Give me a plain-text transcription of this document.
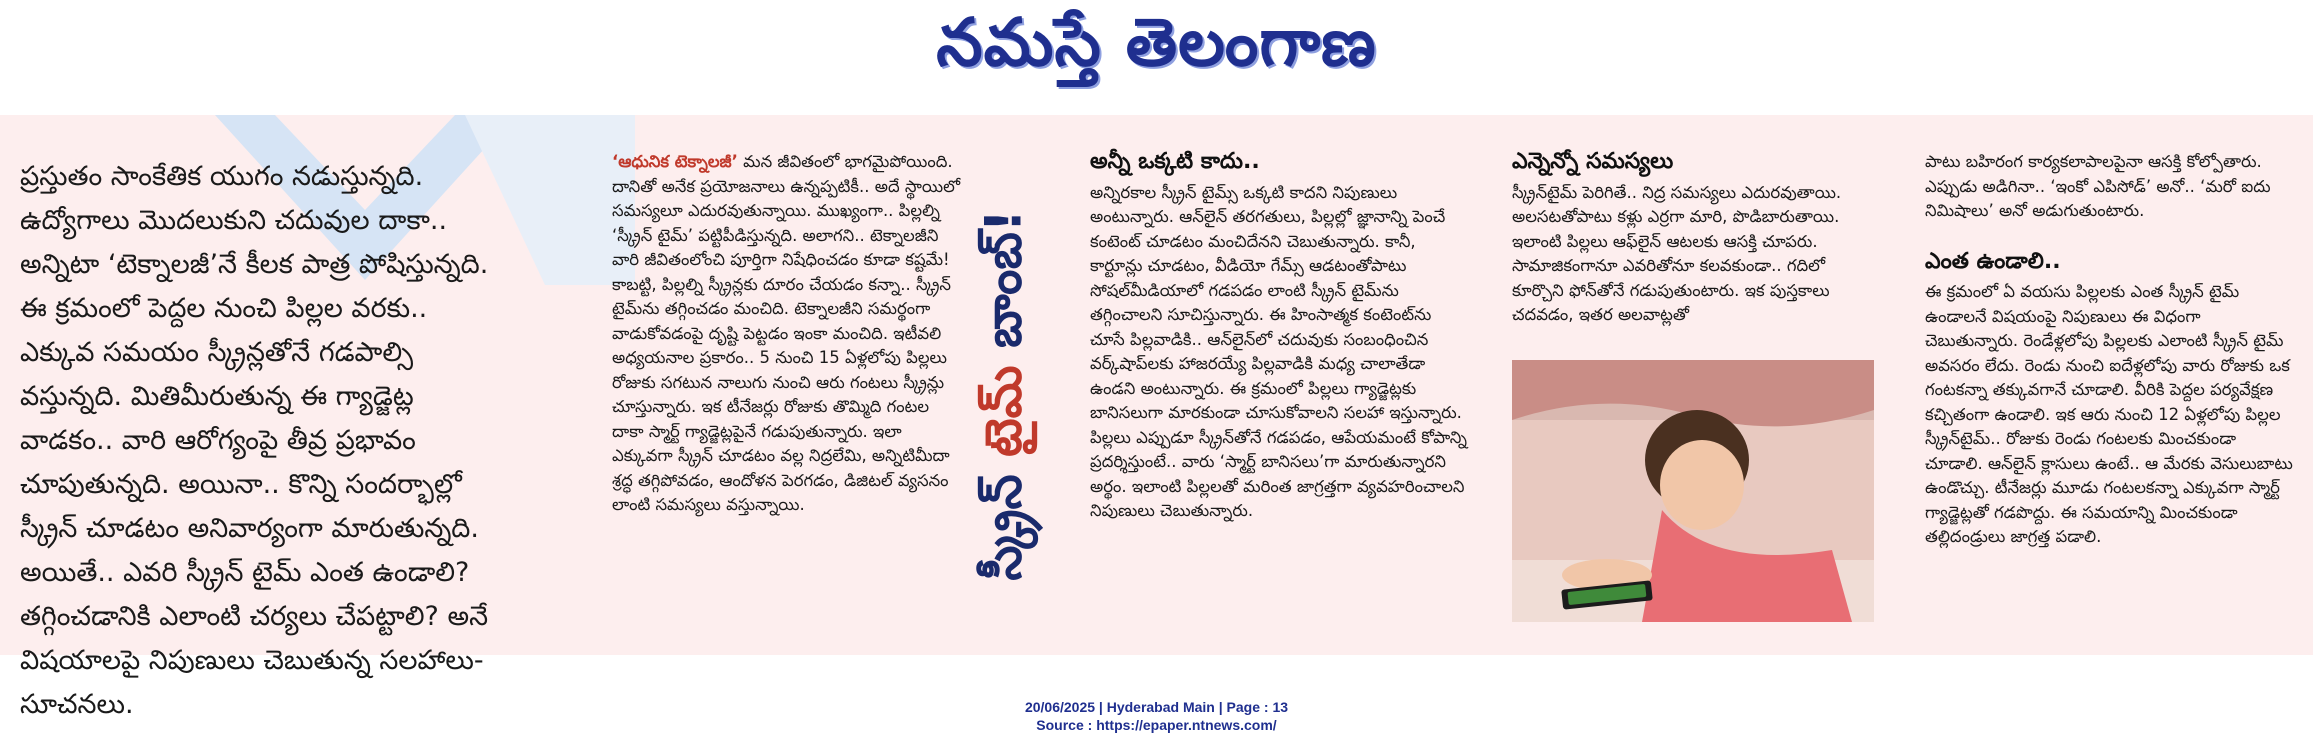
నమస్తే తెలంగాణ
ప్రస్తుతం సాంకేతిక యుగం నడుస్తున్నది. ఉద్యోగాలు మొదలుకుని చదువుల దాకా.. అన్నిటా ‘టెక్నాలజీ’నే కీలక పాత్ర పోషిస్తున్నది. ఈ క్రమంలో పెద్దల నుంచి పిల్లల వరకు.. ఎక్కువ సమయం స్క్రీన్లతోనే గడపాల్సి వస్తున్నది. మితిమీరుతున్న ఈ గ్యాడ్జెట్ల వాడకం.. వారి ఆరోగ్యంపై తీవ్ర ప్రభావం చూపుతున్నది. అయినా.. కొన్ని సందర్భాల్లో స్క్రీన్ చూడటం అనివార్యంగా మారుతున్నది. అయితే.. ఎవరి స్క్రీన్ టైమ్ ఎంత ఉండాలి? తగ్గించడానికి ఎలాంటి చర్యలు చేపట్టాలి? అనే విషయాలపై నిపుణులు చెబుతున్న సలహాలు-సూచనలు.

‘ఆధునిక టెక్నాలజీ’ మన జీవితంలో భాగమైపోయింది. దానితో అనేక ప్రయోజనాలు ఉన్నప్పటికీ.. అదే స్థాయిలో సమస్యలూ ఎదురవుతున్నాయి. ముఖ్యంగా.. పిల్లల్ని ‘స్క్రీన్ టైమ్’ పట్టిపీడిస్తున్నది. అలాగని.. టెక్నాలజీని వారి జీవితంలోంచి పూర్తిగా నిషేధించడం కూడా కష్టమే! కాబట్టి, పిల్లల్ని స్క్రీన్లకు దూరం చేయడం కన్నా.. స్క్రీన్ టైమ్‌ను తగ్గించడం మంచిది. టెక్నాలజీని సమర్థంగా వాడుకోవడంపై దృష్టి పెట్టడం ఇంకా మంచిది. ఇటీవలి అధ్యయనాల ప్రకారం.. 5 నుంచి 15 ఏళ్లలోపు పిల్లలు రోజుకు సగటున నాలుగు నుంచి ఆరు గంటలు స్క్రీన్లు చూస్తున్నారు. ఇక టీనేజర్లు రోజుకు తొమ్మిది గంటల దాకా స్మార్ట్ గ్యాడ్జెట్లపైనే గడుపుతున్నారు. ఇలా ఎక్కువగా స్క్రీన్ చూడటం వల్ల నిద్రలేమి, అన్నిటిమీదా శ్రద్ధ తగ్గిపోవడం, ఆందోళన పెరగడం, డిజిటల్ వ్యసనం లాంటి సమస్యలు వస్తున్నాయి.	స్క్రీన్ టైమ్ బాంబ్!
అన్నీ ఒక్కటి కాదు..

అన్నిరకాల స్క్రీన్ టైమ్స్ ఒక్కటి కాదని నిపుణులు అంటున్నారు. ఆన్‌లైన్ తరగతులు, పిల్లల్లో జ్ఞానాన్ని పెంచే కంటెంట్ చూడటం మంచిదేనని చెబుతున్నారు. కానీ, కార్టూన్లు చూడటం, వీడియో గేమ్స్ ఆడటంతోపాటు సోషల్‌మీడియాలో గడపడం లాంటి స్క్రీన్ టైమ్‌ను తగ్గించాలని సూచిస్తున్నారు. ఈ హింసాత్మక కంటెంట్‌ను చూసే పిల్లవాడికి.. ఆన్‌లైన్‌లో చదువుకు సంబంధించిన వర్క్‌షాప్‌లకు హాజరయ్యే పిల్లవాడికి మధ్య చాలాతేడా ఉండని అంటున్నారు. ఈ క్రమంలో పిల్లలు గ్యాడ్జెట్లకు బానిసలుగా మారకుండా చూసుకోవాలని సలహా ఇస్తున్నారు. పిల్లలు ఎప్పుడూ స్క్రీన్‌తోనే గడపడం, ఆపేయమంటే కోపాన్ని ప్రదర్శిస్తుంటే.. వారు ‘స్మార్ట్ బానిసలు’గా మారుతున్నారని అర్థం. ఇలాంటి పిల్లలతో మరింత జాగ్రత్తగా వ్యవహరించాలని నిపుణులు చెబుతున్నారు.

ఎన్నెన్నో సమస్యలు

స్క్రీన్‌టైమ్ పెరిగితే.. నిద్ర సమస్యలు ఎదురవుతాయి. అలసటతోపాటు కళ్లు ఎర్రగా మారి, పొడిబారుతాయి. ఇలాంటి పిల్లలు ఆఫ్‌లైన్ ఆటలకు ఆసక్తి చూపరు. సామాజికంగానూ ఎవరితోనూ కలవకుండా.. గదిలో కూర్చొని ఫోన్‌తోనే గడుపుతుంటారు. ఇక పుస్తకాలు చదవడం, ఇతర అలవాట్లతో

పాటు బహిరంగ కార్యకలాపాలపైనా ఆసక్తి కోల్పోతారు. ఎప్పుడు అడిగినా.. ‘ఇంకో ఎపిసోడ్’ అనో.. ‘మరో ఐదు నిమిషాలు’ అనో అడుగుతుంటారు.

ఎంత ఉండాలి..

ఈ క్రమంలో ఏ వయసు పిల్లలకు ఎంత స్క్రీన్ టైమ్ ఉండాలనే విషయంపై నిపుణులు ఈ విధంగా చెబుతున్నారు. రెండేళ్లలోపు పిల్లలకు ఎలాంటి స్క్రీన్ టైమ్ అవసరం లేదు. రెండు నుంచి ఐదేళ్లలోపు వారు రోజుకు ఒక గంటకన్నా తక్కువగానే చూడాలి. వీరికి పెద్దల పర్యవేక్షణ కచ్చితంగా ఉండాలి. ఇక ఆరు నుంచి 12 ఏళ్లలోపు పిల్లల స్క్రీన్‌టైమ్.. రోజుకు రెండు గంటలకు మించకుండా చూడాలి. ఆన్‌లైన్ క్లాసులు ఉంటే.. ఆ మేరకు వెసులుబాటు ఉండొచ్చు. టీనేజర్లు మూడు గంటలకన్నా ఎక్కువగా స్మార్ట్ గ్యాడ్జెట్లతో గడపొద్దు. ఈ సమయాన్ని మించకుండా తల్లిదండ్రులు జాగ్రత్త పడాలి.

20/06/2025 | Hyderabad Main | Page : 13
Source : https://epaper.ntnews.com/
